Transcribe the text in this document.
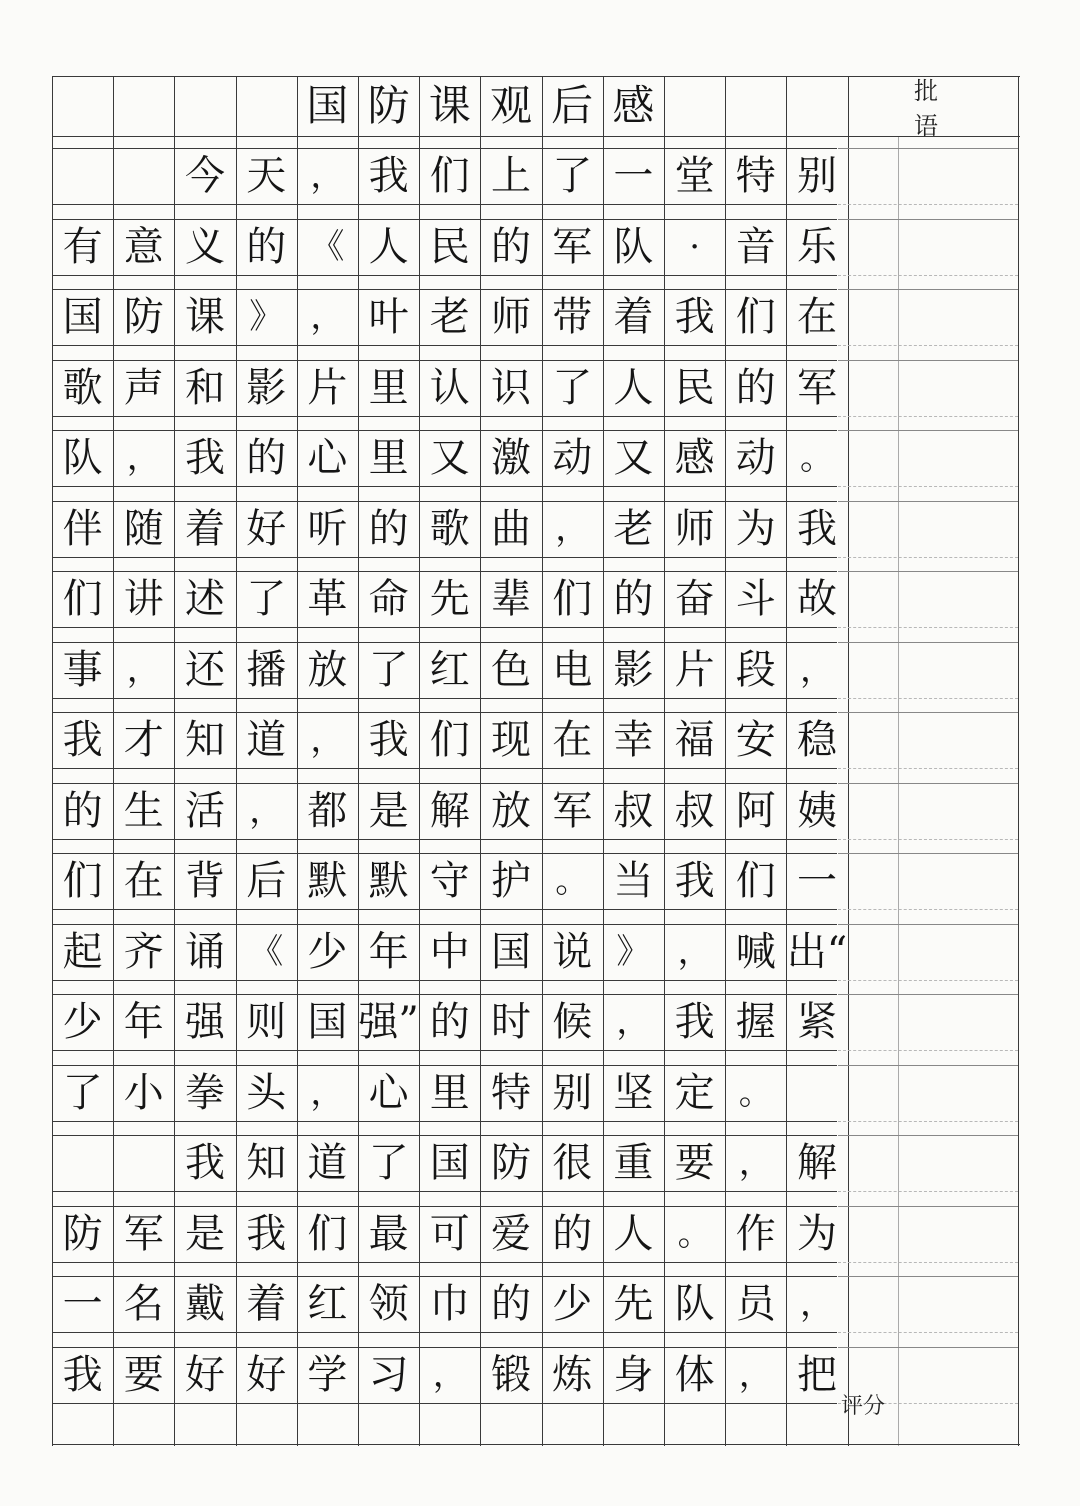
国 防 课 观 后 感
今 天 ， 我 们 上 了 一 堂 特 别
有 意 义 的 《 人 民 的 军 队	· 音 乐
国 防 课 》 ， 叶 老 师 带 着 我 们 在
歌 声 和 影 片 里 认 识 了 人 民 的 军
队 ， 我 的 心 里 又 激 动 又 感 动 。
伴 随 着 好 听 的 歌 曲 ， 老 师 为 我
们 讲 述 了 革 命 先 辈 们 的 奋 斗 故
事 ， 还 播 放 了 红 色 电 影 片 段 ，
我 才 知 道 ， 我 们 现 在 幸 福 安 稳
的 生 活 ， 都 是 解 放 军 叔 叔 阿 姨
们 在 背 后 默 默 守 护 。 当 我 们 一
起 齐 诵 《 少 年 中 国 说 》 ， 喊 出“
少 年 强 则 国 强” 的 时 候 ， 我 握 紧
了 小 拳 头 ， 心 里 特 别 坚 定 。
我 知 道 了 国 防 很 重 要 ， 解
防 军 是 我 们 最 可 爱 的 人 。 作 为
一 名 戴 着 红 领 巾 的 少 先 队 员 ，
我 要 好 好 学 习 ， 锻 炼 身 体 ， 把
批 语
评分
